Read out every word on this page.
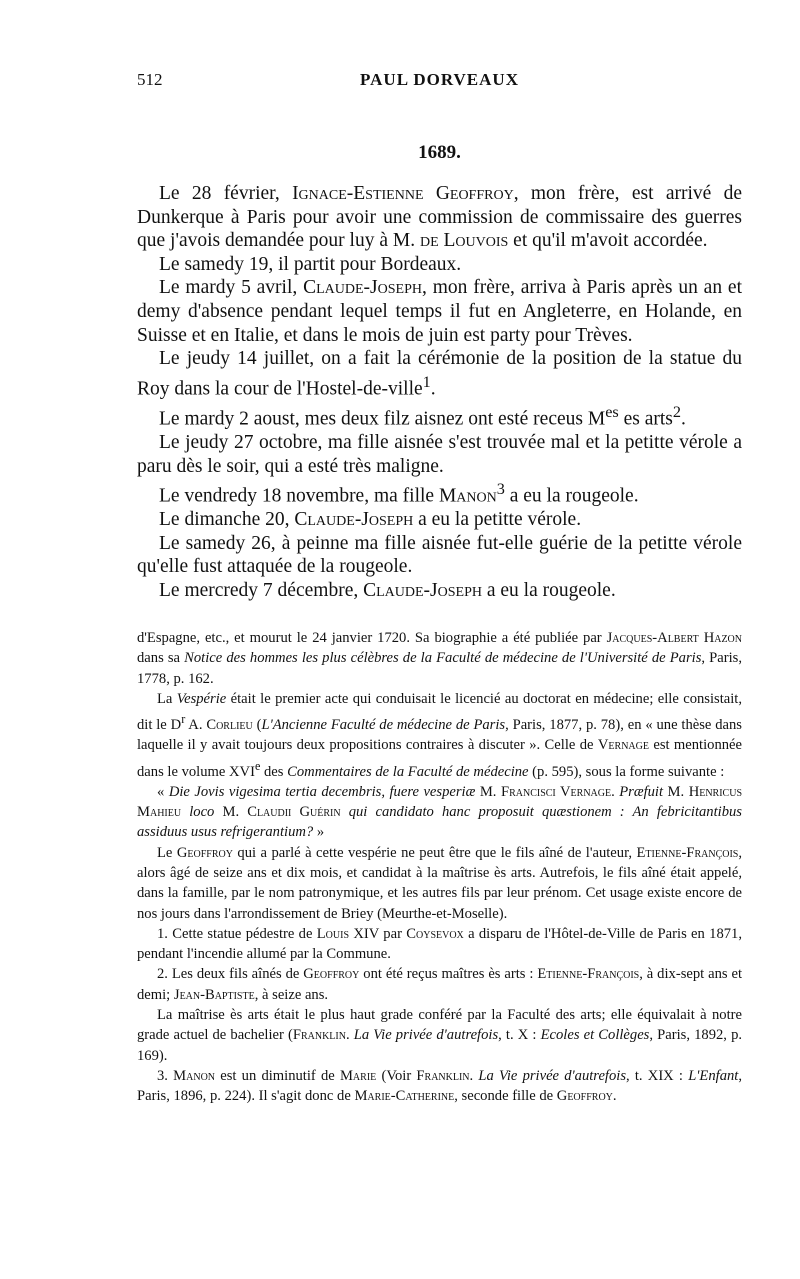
512	PAUL DORVEAUX
1689.

Le 28 février, Ignace-Estienne Geoffroy, mon frère, est arrivé de Dunkerque à Paris pour avoir une commission de commissaire des guerres que j'avois demandée pour luy à M. de Louvois et qu'il m'avoit accordée.

Le samedy 19, il partit pour Bordeaux.

Le mardy 5 avril, Claude-Joseph, mon frère, arriva à Paris après un an et demy d'absence pendant lequel temps il fut en Angleterre, en Holande, en Suisse et en Italie, et dans le mois de juin est party pour Trèves.

Le jeudy 14 juillet, on a fait la cérémonie de la position de la statue du Roy dans la cour de l'Hostel-de-ville$^1$.

Le mardy 2 aoust, mes deux filz aisnez ont esté receus $M^{es}$ es arts$^2$.

Le jeudy 27 octobre, ma fille aisnée s'est trouvée mal et la petitte vérole a paru dès le soir, qui a esté très maligne.

Le vendredy 18 novembre, ma fille Manon$^3$ a eu la rougeole.

Le dimanche 20, Claude-Joseph a eu la petitte vérole.

Le samedy 26, à peinne ma fille aisnée fut-elle guérie de la petitte vérole qu'elle fust attaquée de la rougeole.

Le mercredy 7 décembre, Claude-Joseph a eu la rougeole.

d'Espagne, etc., et mourut le 24 janvier 1720. Sa biographie a été publiée par Jacques-Albert Hazon dans sa Notice des hommes les plus célèbres de la Faculté de médecine de l'Université de Paris, Paris, 1778, p. 162.

La Vespérie était le premier acte qui conduisait le licencié au doctorat en médecine; elle consistait, dit le $D^r$ A. Corlieu (L'Ancienne Faculté de médecine de Paris, Paris, 1877, p. 78), en « une thèse dans laquelle il y avait toujours deux propositions contraires à discuter ». Celle de Vernage est mentionnée dans le volume XVIe des Commentaires de la Faculté de médecine (p. 595), sous la forme suivante :

« Die Jovis vigesima tertia decembris, fuere vesperiæ M. Francisci Vernage. Præfuit M. Henricus Mahieu loco M. Claudii Guérin qui candidato hanc proposuit quæstionem : An febricitantibus assiduus usus refrigerantium? »

Le Geoffroy qui a parlé à cette vespérie ne peut être que le fils aîné de l'auteur, Etienne-François, alors âgé de seize ans et dix mois, et candidat à la maîtrise ès arts. Autrefois, le fils aîné était appelé, dans la famille, par le nom patronymique, et les autres fils par leur prénom. Cet usage existe encore de nos jours dans l'arrondissement de Briey (Meurthe-et-Moselle).

1. Cette statue pédestre de Louis XIV par Coysevox a disparu de l'Hôtel-de-Ville de Paris en 1871, pendant l'incendie allumé par la Commune.

2. Les deux fils aînés de Geoffroy ont été reçus maîtres ès arts : Etienne-François, à dix-sept ans et demi; Jean-Baptiste, à seize ans.

La maîtrise ès arts était le plus haut grade conféré par la Faculté des arts; elle équivalait à notre grade actuel de bachelier (Franklin. La Vie privée d'autrefois, t. X : Ecoles et Collèges, Paris, 1892, p. 169).

3. Manon est un diminutif de Marie (Voir Franklin. La Vie privée d'autrefois, t. XIX : L'Enfant, Paris, 1896, p. 224). Il s'agit donc de Marie-Catherine, seconde fille de Geoffroy.
